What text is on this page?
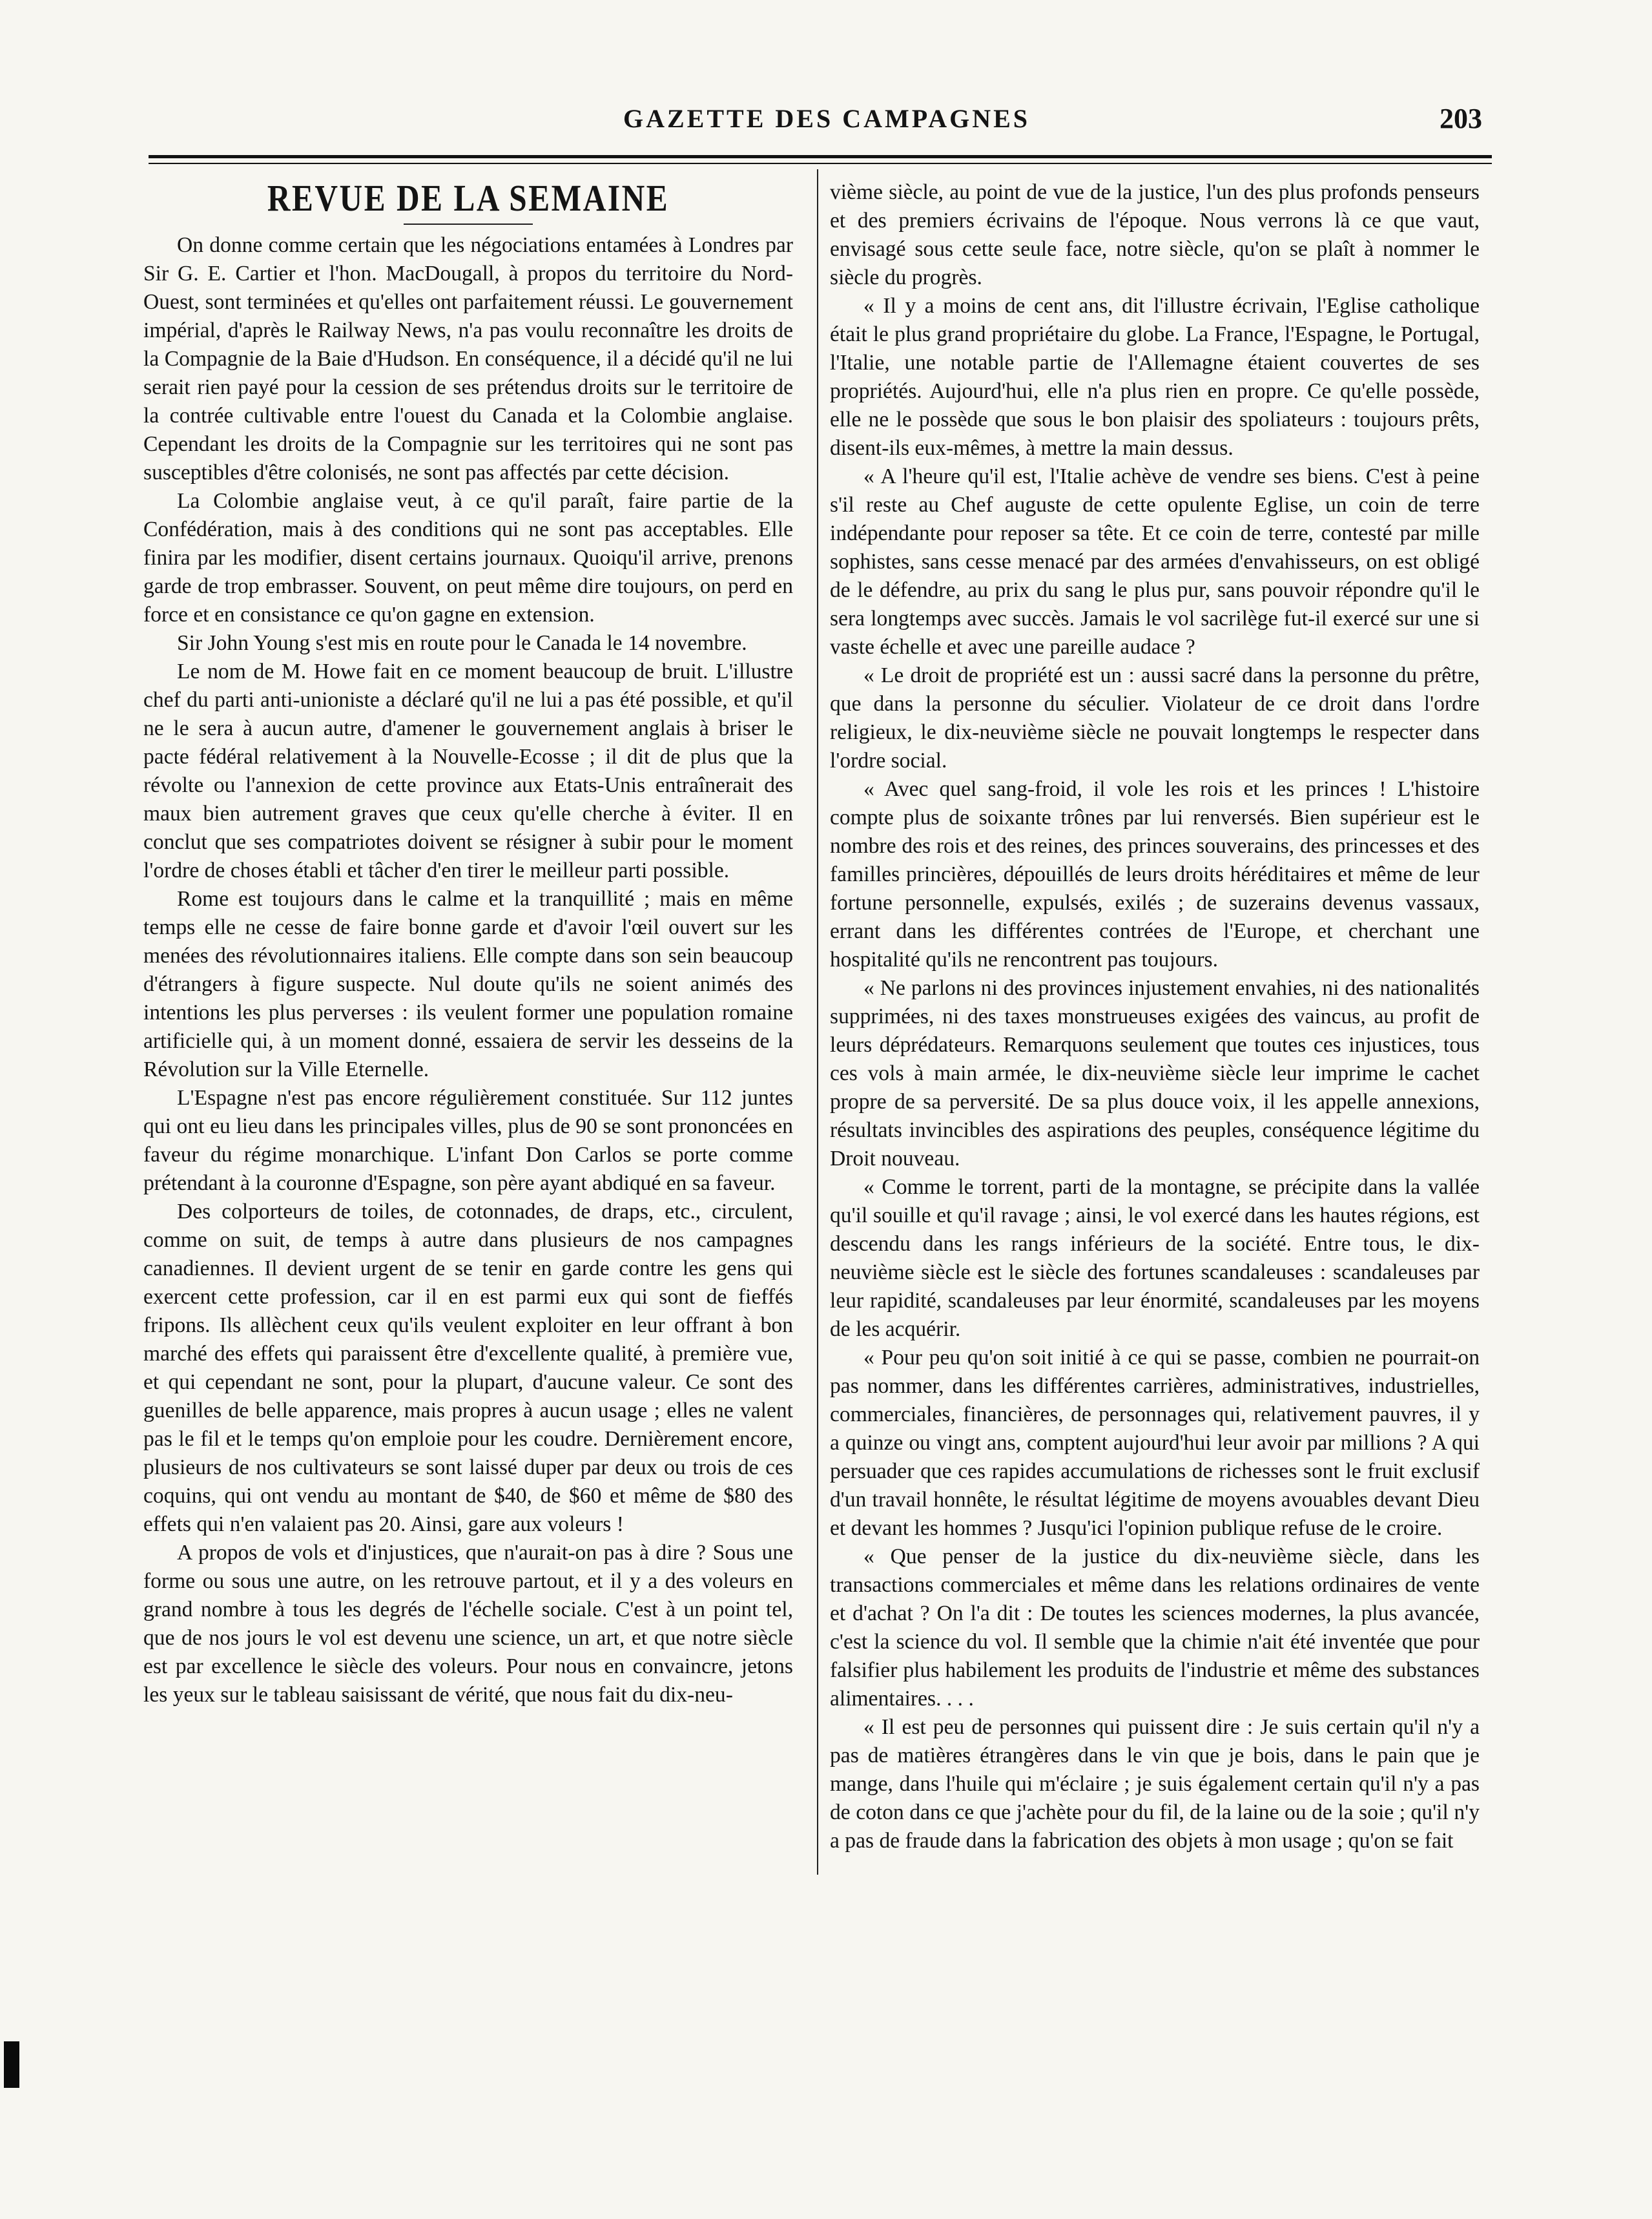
GAZETTE DES CAMPAGNES	203
REVUE DE LA SEMAINE

On donne comme certain que les négociations entamées à Londres par Sir G. E. Cartier et l'hon. MacDougall, à propos du territoire du Nord-Ouest, sont terminées et qu'elles ont parfaitement réussi. Le gouvernement impérial, d'après le Railway News, n'a pas voulu reconnaître les droits de la Compagnie de la Baie d'Hudson. En conséquence, il a décidé qu'il ne lui serait rien payé pour la cession de ses prétendus droits sur le territoire de la contrée cultivable entre l'ouest du Canada et la Colombie anglaise. Cependant les droits de la Compagnie sur les territoires qui ne sont pas susceptibles d'être colonisés, ne sont pas affectés par cette décision.

La Colombie anglaise veut, à ce qu'il paraît, faire partie de la Confédération, mais à des conditions qui ne sont pas acceptables. Elle finira par les modifier, disent certains journaux. Quoiqu'il arrive, prenons garde de trop embrasser. Souvent, on peut même dire toujours, on perd en force et en consistance ce qu'on gagne en extension.

Sir John Young s'est mis en route pour le Canada le 14 novembre.

Le nom de M. Howe fait en ce moment beaucoup de bruit. L'illustre chef du parti anti-unioniste a déclaré qu'il ne lui a pas été possible, et qu'il ne le sera à aucun autre, d'amener le gouvernement anglais à briser le pacte fédéral relativement à la Nouvelle-Ecosse ; il dit de plus que la révolte ou l'annexion de cette province aux Etats-Unis entraînerait des maux bien autrement graves que ceux qu'elle cherche à éviter. Il en conclut que ses compatriotes doivent se résigner à subir pour le moment l'ordre de choses établi et tâcher d'en tirer le meilleur parti possible.

Rome est toujours dans le calme et la tranquillité ; mais en même temps elle ne cesse de faire bonne garde et d'avoir l'œil ouvert sur les menées des révolutionnaires italiens. Elle compte dans son sein beaucoup d'étrangers à figure suspecte. Nul doute qu'ils ne soient animés des intentions les plus perverses : ils veulent former une population romaine artificielle qui, à un moment donné, essaiera de servir les desseins de la Révolution sur la Ville Eternelle.

L'Espagne n'est pas encore régulièrement constituée. Sur 112 juntes qui ont eu lieu dans les principales villes, plus de 90 se sont prononcées en faveur du régime monarchique. L'infant Don Carlos se porte comme prétendant à la couronne d'Espagne, son père ayant abdiqué en sa faveur.

Des colporteurs de toiles, de cotonnades, de draps, etc., circulent, comme on suit, de temps à autre dans plusieurs de nos campagnes canadiennes. Il devient urgent de se tenir en garde contre les gens qui exercent cette profession, car il en est parmi eux qui sont de fieffés fripons. Ils allèchent ceux qu'ils veulent exploiter en leur offrant à bon marché des effets qui paraissent être d'excellente qualité, à première vue, et qui cependant ne sont, pour la plupart, d'aucune valeur. Ce sont des guenilles de belle apparence, mais propres à aucun usage ; elles ne valent pas le fil et le temps qu'on emploie pour les coudre. Dernièrement encore, plusieurs de nos cultivateurs se sont laissé duper par deux ou trois de ces coquins, qui ont vendu au montant de $40, de $60 et même de $80 des effets qui n'en valaient pas 20. Ainsi, gare aux voleurs !

A propos de vols et d'injustices, que n'aurait-on pas à dire ? Sous une forme ou sous une autre, on les retrouve partout, et il y a des voleurs en grand nombre à tous les degrés de l'échelle sociale. C'est à un point tel, que de nos jours le vol est devenu une science, un art, et que notre siècle est par excellence le siècle des voleurs. Pour nous en convaincre, jetons les yeux sur le tableau saisissant de vérité, que nous fait du dix-neu-

vième siècle, au point de vue de la justice, l'un des plus profonds penseurs et des premiers écrivains de l'époque. Nous verrons là ce que vaut, envisagé sous cette seule face, notre siècle, qu'on se plaît à nommer le siècle du progrès.

« Il y a moins de cent ans, dit l'illustre écrivain, l'Eglise catholique était le plus grand propriétaire du globe. La France, l'Espagne, le Portugal, l'Italie, une notable partie de l'Allemagne étaient couvertes de ses propriétés. Aujourd'hui, elle n'a plus rien en propre. Ce qu'elle possède, elle ne le possède que sous le bon plaisir des spoliateurs : toujours prêts, disent-ils eux-mêmes, à mettre la main dessus.

« A l'heure qu'il est, l'Italie achève de vendre ses biens. C'est à peine s'il reste au Chef auguste de cette opulente Eglise, un coin de terre indépendante pour reposer sa tête. Et ce coin de terre, contesté par mille sophistes, sans cesse menacé par des armées d'envahisseurs, on est obligé de le défendre, au prix du sang le plus pur, sans pouvoir répondre qu'il le sera longtemps avec succès. Jamais le vol sacrilège fut-il exercé sur une si vaste échelle et avec une pareille audace ?

« Le droit de propriété est un : aussi sacré dans la personne du prêtre, que dans la personne du séculier. Violateur de ce droit dans l'ordre religieux, le dix-neuvième siècle ne pouvait longtemps le respecter dans l'ordre social.

« Avec quel sang-froid, il vole les rois et les princes ! L'histoire compte plus de soixante trônes par lui renversés. Bien supérieur est le nombre des rois et des reines, des princes souverains, des princesses et des familles princières, dépouillés de leurs droits héréditaires et même de leur fortune personnelle, expulsés, exilés ; de suzerains devenus vassaux, errant dans les différentes contrées de l'Europe, et cherchant une hospitalité qu'ils ne rencontrent pas toujours.

« Ne parlons ni des provinces injustement envahies, ni des nationalités supprimées, ni des taxes monstrueuses exigées des vaincus, au profit de leurs déprédateurs. Remarquons seulement que toutes ces injustices, tous ces vols à main armée, le dix-neuvième siècle leur imprime le cachet propre de sa perversité. De sa plus douce voix, il les appelle annexions, résultats invincibles des aspirations des peuples, conséquence légitime du Droit nouveau.

« Comme le torrent, parti de la montagne, se précipite dans la vallée qu'il souille et qu'il ravage ; ainsi, le vol exercé dans les hautes régions, est descendu dans les rangs inférieurs de la société. Entre tous, le dix-neuvième siècle est le siècle des fortunes scandaleuses : scandaleuses par leur rapidité, scandaleuses par leur énormité, scandaleuses par les moyens de les acquérir.

« Pour peu qu'on soit initié à ce qui se passe, combien ne pourrait-on pas nommer, dans les différentes carrières, administratives, industrielles, commerciales, financières, de personnages qui, relativement pauvres, il y a quinze ou vingt ans, comptent aujourd'hui leur avoir par millions ? A qui persuader que ces rapides accumulations de richesses sont le fruit exclusif d'un travail honnête, le résultat légitime de moyens avouables devant Dieu et devant les hommes ? Jusqu'ici l'opinion publique refuse de le croire.

« Que penser de la justice du dix-neuvième siècle, dans les transactions commerciales et même dans les relations ordinaires de vente et d'achat ? On l'a dit : De toutes les sciences modernes, la plus avancée, c'est la science du vol. Il semble que la chimie n'ait été inventée que pour falsifier plus habilement les produits de l'industrie et même des substances alimentaires. . . .

« Il est peu de personnes qui puissent dire : Je suis certain qu'il n'y a pas de matières étrangères dans le vin que je bois, dans le pain que je mange, dans l'huile qui m'éclaire ; je suis également certain qu'il n'y a pas de coton dans ce que j'achète pour du fil, de la laine ou de la soie ; qu'il n'y a pas de fraude dans la fabrication des objets à mon usage ; qu'on se fait
